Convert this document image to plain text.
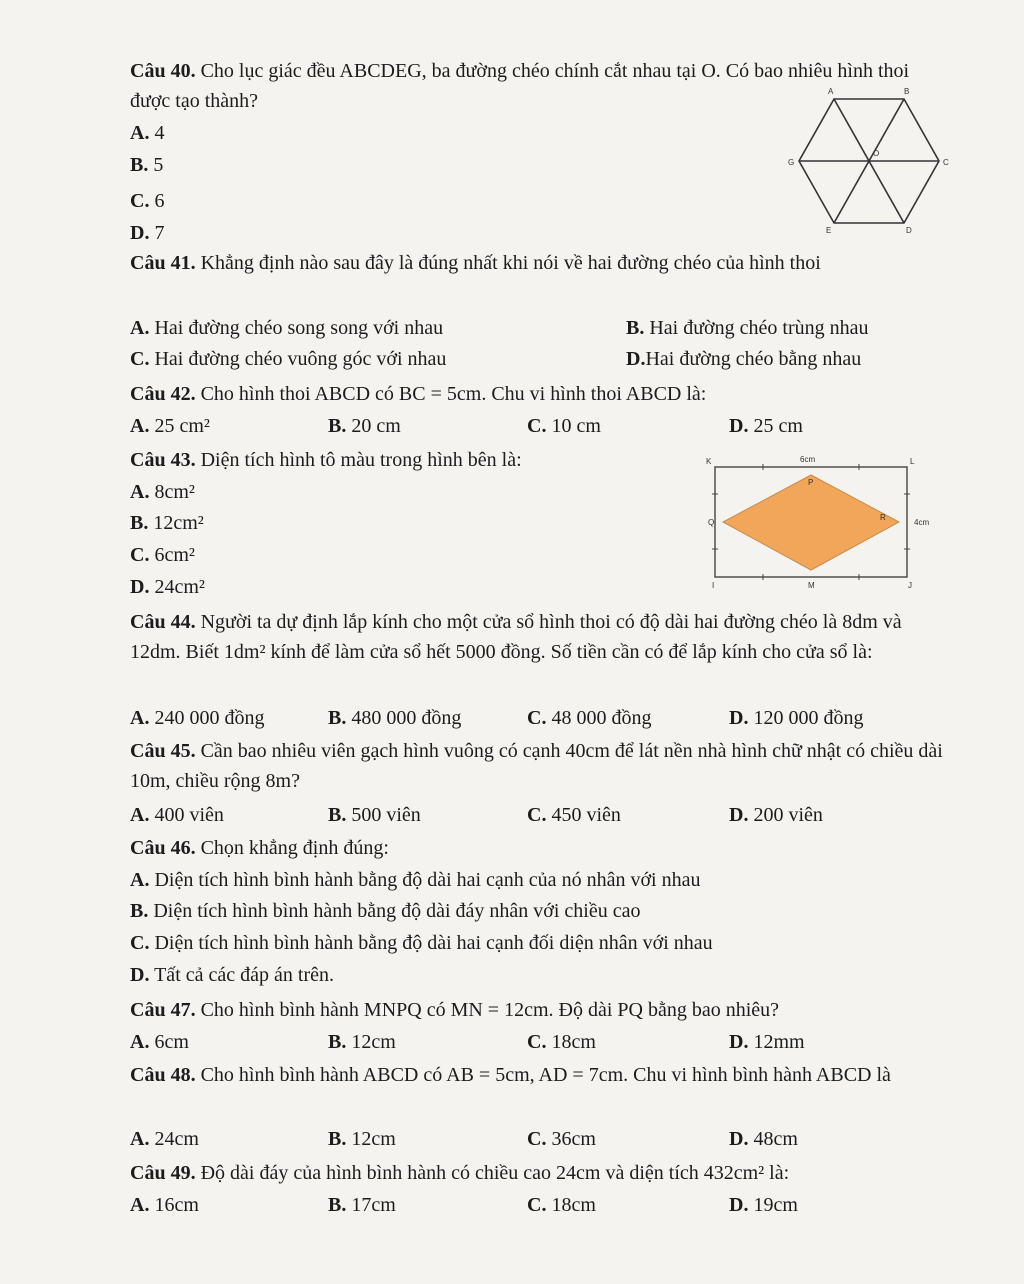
Câu 40. Cho lục giác đều ABCDEG, ba đường chéo chính cắt nhau tại O. Có bao nhiêu hình thoi được tạo thành?
A. 4
B. 5
C. 6
D. 7
A	B
C
D
E
G
O
Câu 41. Khẳng định nào sau đây là đúng nhất khi nói về hai đường chéo của hình thoi
A. Hai đường chéo song song với nhau	B. Hai đường chéo trùng nhau
C. Hai đường chéo vuông góc với nhau	D.Hai đường chéo bằng nhau
Câu 42. Cho hình thoi ABCD có BC = 5cm. Chu vi hình thoi ABCD là:
A. 25 cm²	B. 20 cm	C. 10 cm	D. 25 cm
Câu 43. Diện tích hình tô màu trong hình bên là:
A. 8cm²
B. 12cm²
C. 6cm²
D. 24cm²
6cm
4cm
K	L
I	J
P
Q
R
M
Câu 44. Người ta dự định lắp kính cho một cửa sổ hình thoi có độ dài hai đường chéo là 8dm và 12dm. Biết 1dm² kính để làm cửa sổ hết 5000 đồng. Số tiền cần có để lắp kính cho cửa sổ là:
A. 240 000 đồng	B. 480 000 đồng	C. 48 000 đồng	D. 120 000 đồng
Câu 45. Cần bao nhiêu viên gạch hình vuông có cạnh 40cm để lát nền nhà hình chữ nhật có chiều dài 10m, chiều rộng 8m?
A. 400 viên	B. 500 viên	C. 450 viên	D. 200 viên
Câu 46. Chọn khẳng định đúng:
A. Diện tích hình bình hành bằng độ dài hai cạnh của nó nhân với nhau
B. Diện tích hình bình hành bằng độ dài đáy nhân với chiều cao
C. Diện tích hình bình hành bằng độ dài hai cạnh đối diện nhân với nhau
D. Tất cả các đáp án trên.
Câu 47. Cho hình bình hành MNPQ có MN = 12cm. Độ dài PQ bằng bao nhiêu?
A. 6cm	B. 12cm	C. 18cm	D. 12mm
Câu 48. Cho hình bình hành ABCD có AB = 5cm, AD = 7cm. Chu vi hình bình hành ABCD là
A. 24cm	B. 12cm	C. 36cm	D. 48cm
Câu 49. Độ dài đáy của hình bình hành có chiều cao 24cm và diện tích 432cm² là:
A. 16cm	B. 17cm	C. 18cm	D. 19cm
